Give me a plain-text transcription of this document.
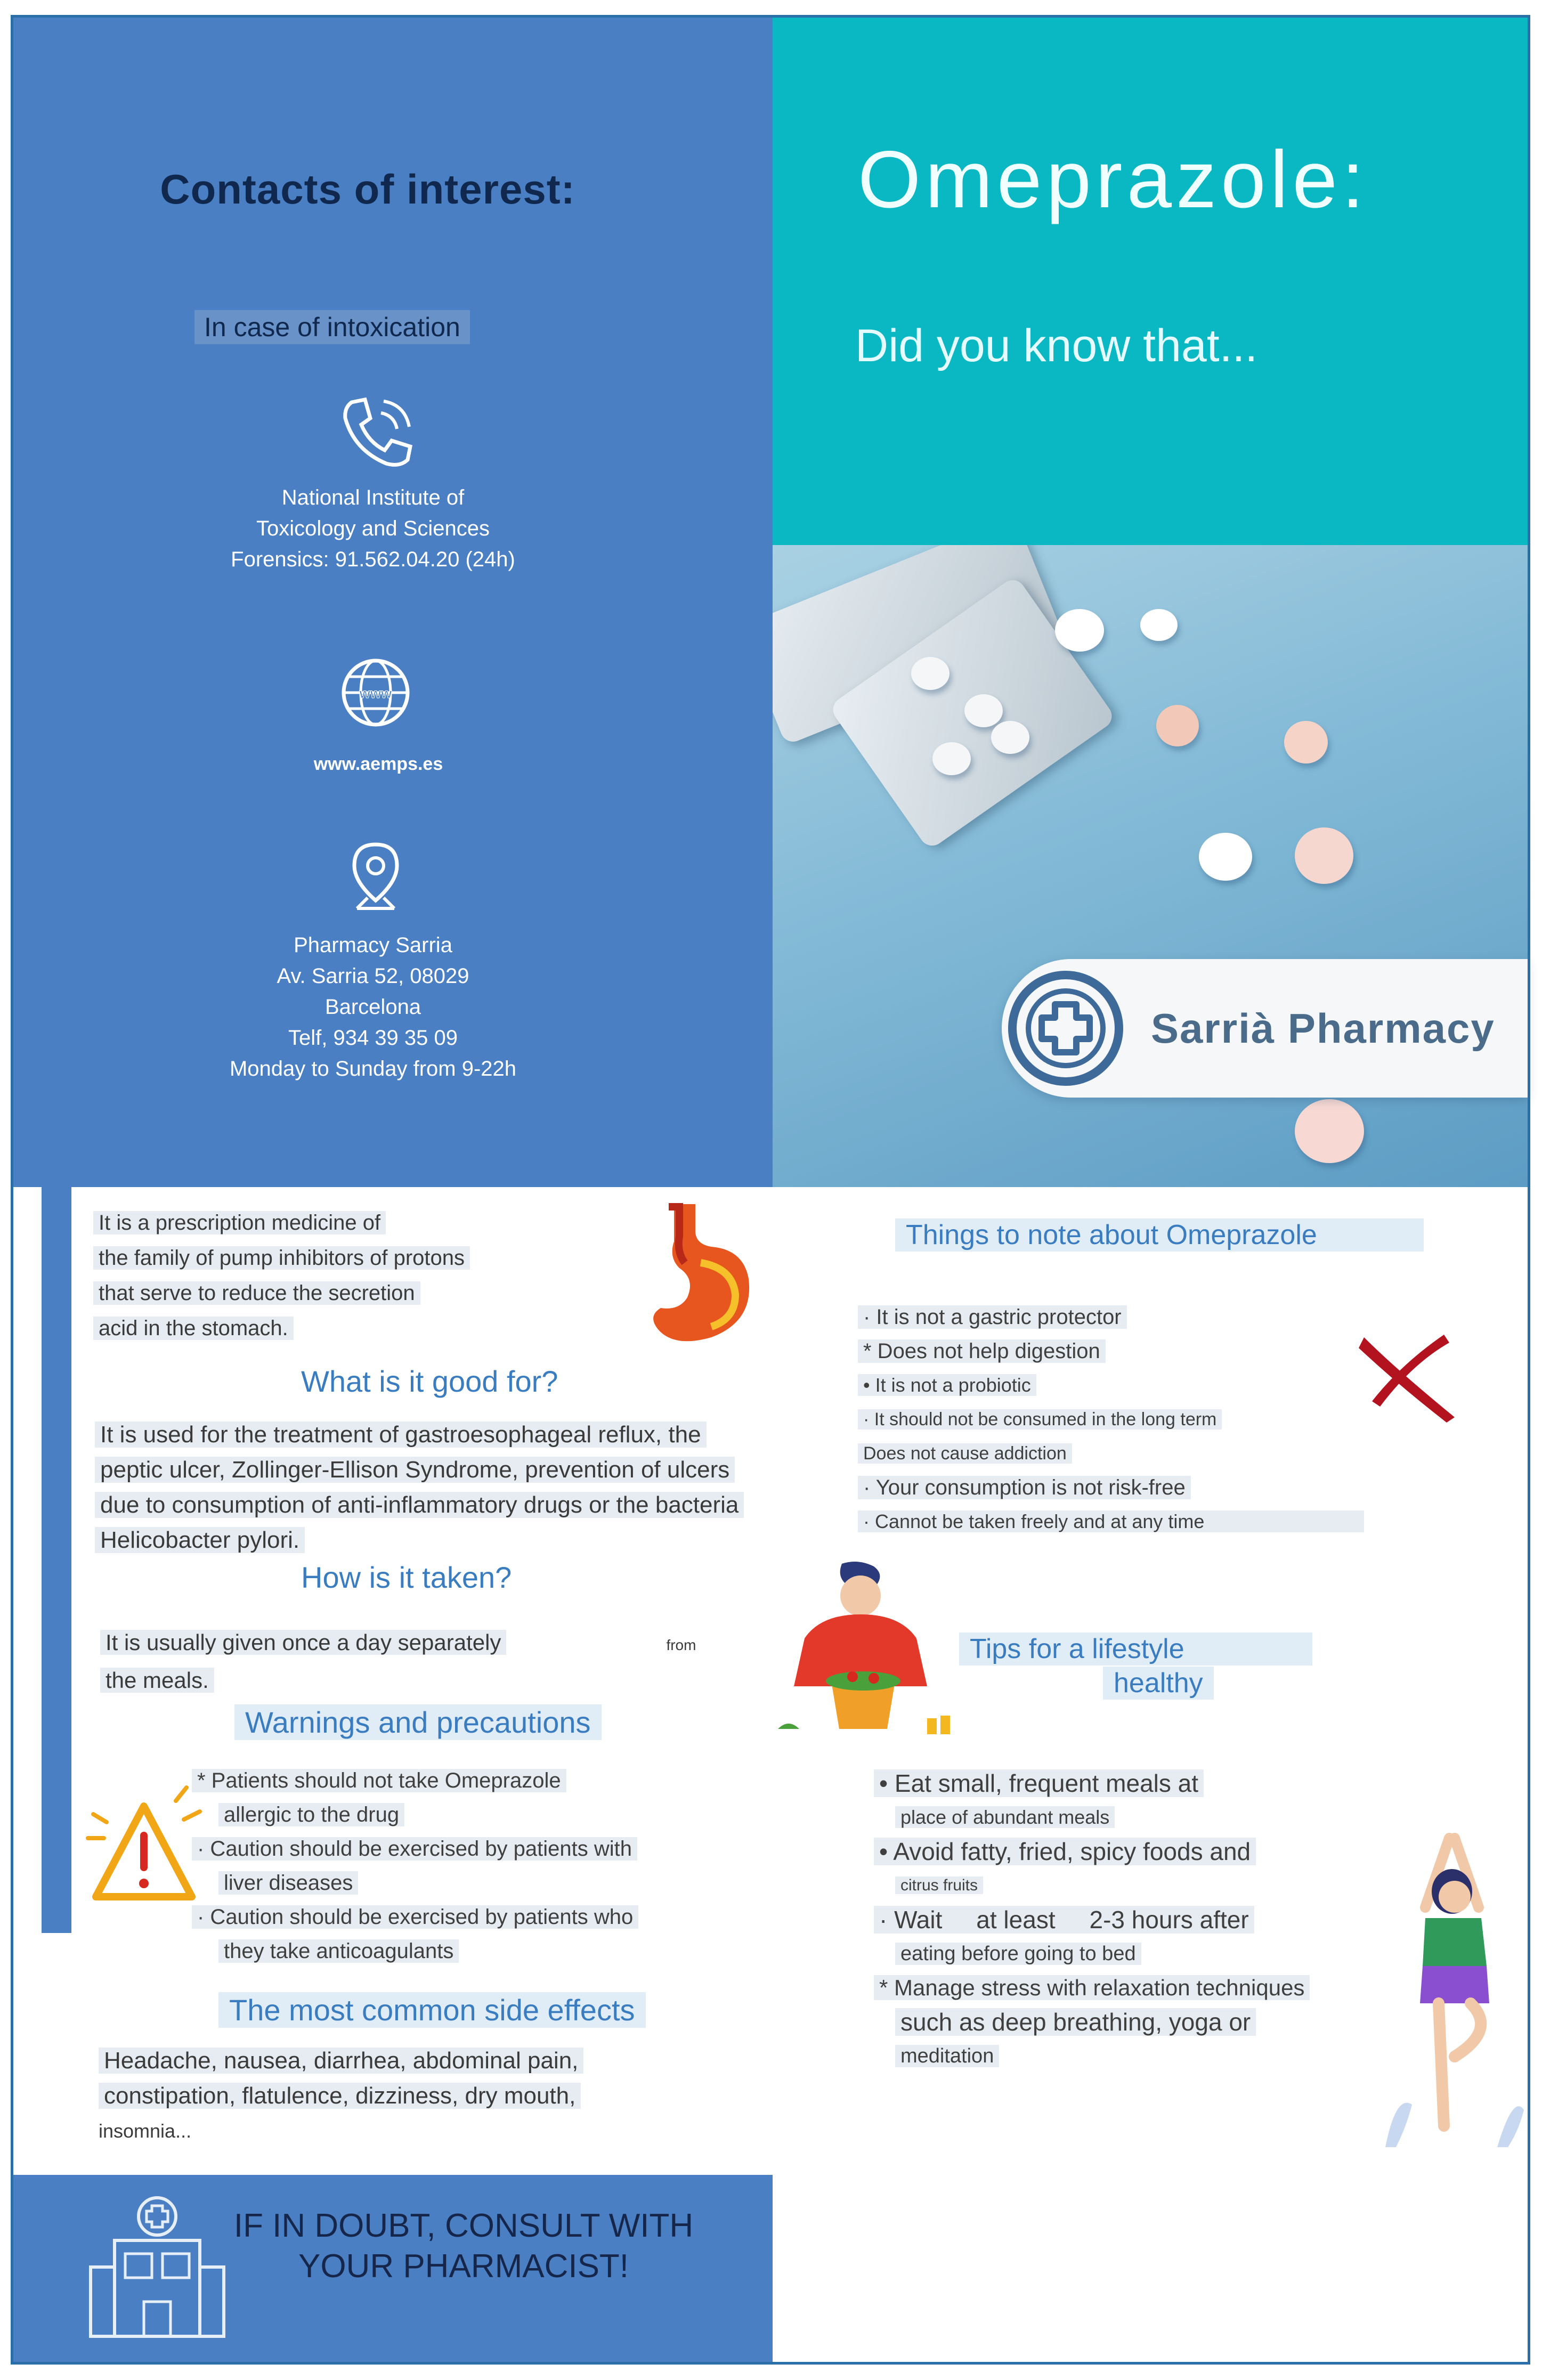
Contacts of interest:
In case of intoxication
National Institute of
Toxicology and Sciences
Forensics: 91.562.04.20 (24h)
www
www.aemps.es
Pharmacy Sarria
Av. Sarria 52, 08029
Barcelona
Telf, 934 39 35 09
Monday to Sunday from 9-22h
Omeprazole:
Did you know that...
Sarrià Pharmacy
It is a prescription medicine of
the family of pump inhibitors of protons
that serve to reduce the secretion
acid in the stomach.
What is it good for?
It is used for the treatment of gastroesophageal reflux, the
peptic ulcer, Zollinger-Ellison Syndrome, prevention of ulcers
due to consumption of anti-inflammatory drugs or the bacteria
Helicobacter pylori.
How is it taken?
It is usually given once a day separately	from
the meals.
Warnings and precautions
* Patients should not take Omeprazole
allergic to the drug
· Caution should be exercised by patients with
liver diseases
· Caution should be exercised by patients who
they take anticoagulants
The most common side effects
Headache, nausea, diarrhea, abdominal pain,
constipation, flatulence, dizziness, dry mouth,
insomnia...
Things to note about Omeprazole
· It is not a gastric protector
* Does not help digestion
• It is not a probiotic
· It should not be consumed in the long term
Does not cause addiction
· Your consumption is not risk-free
· Cannot be taken freely and at any time
Tips for a lifestyle
healthy
• Eat small, frequent meals at
place of abundant meals
• Avoid fatty, fried, spicy foods and
citrus fruits
· Wait     at least     2-3 hours after
eating before going to bed
* Manage stress with relaxation techniques
such as deep breathing, yoga or
meditation
IF IN DOUBT, CONSULT WITH
YOUR PHARMACIST!
